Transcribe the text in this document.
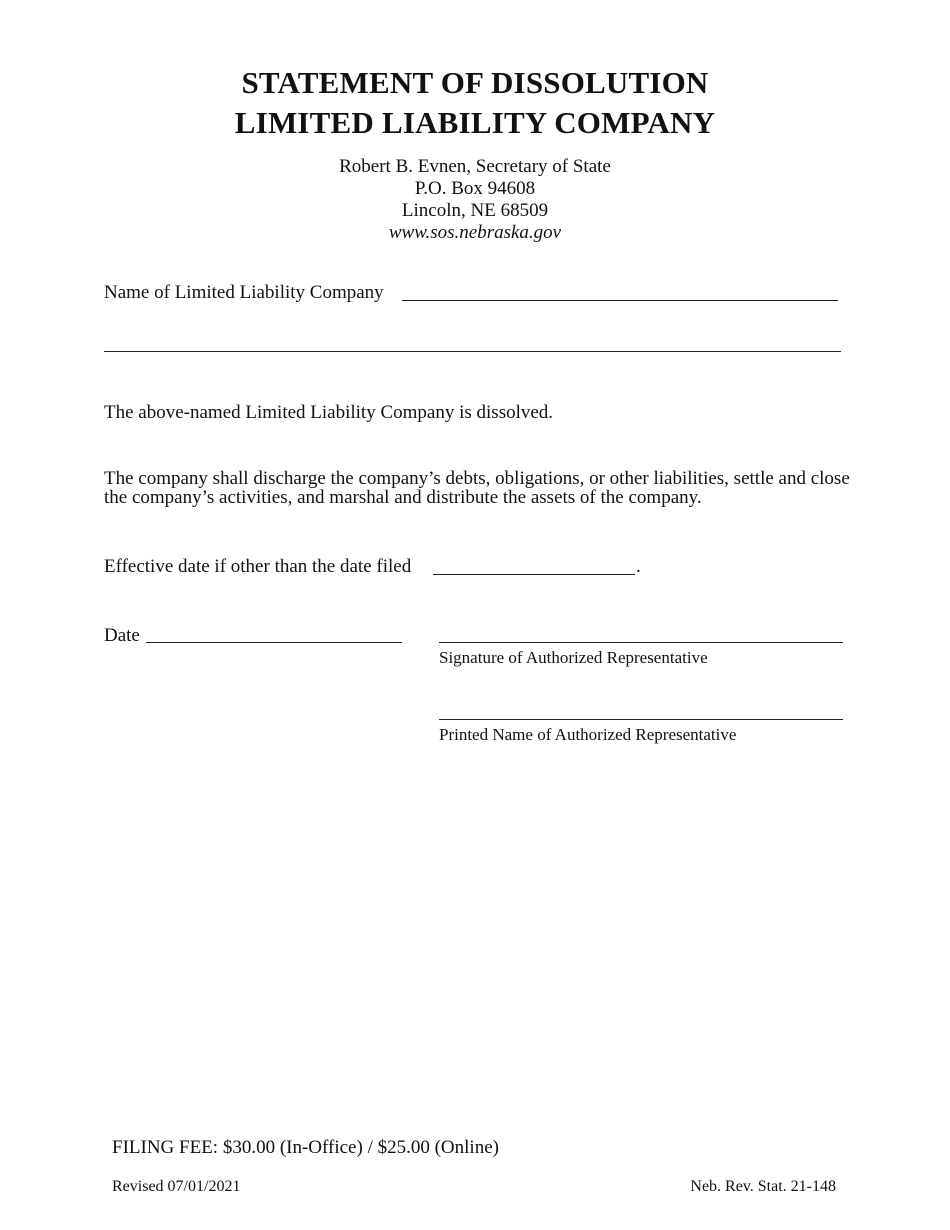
STATEMENT OF DISSOLUTION
LIMITED LIABILITY COMPANY
Robert B. Evnen, Secretary of State
P.O. Box 94608
Lincoln, NE 68509
www.sos.nebraska.gov
Name of Limited Liability Company
The above-named Limited Liability Company is dissolved.
The company shall discharge the company’s debts, obligations, or other liabilities, settle and close the company’s activities, and marshal and distribute the assets of the company.
Effective date if other than the date filed	.
Date
Signature of Authorized Representative
Printed Name of Authorized Representative
FILING FEE: $30.00 (In-Office) / $25.00 (Online)
Revised 07/01/2021	Neb. Rev. Stat. 21-148
